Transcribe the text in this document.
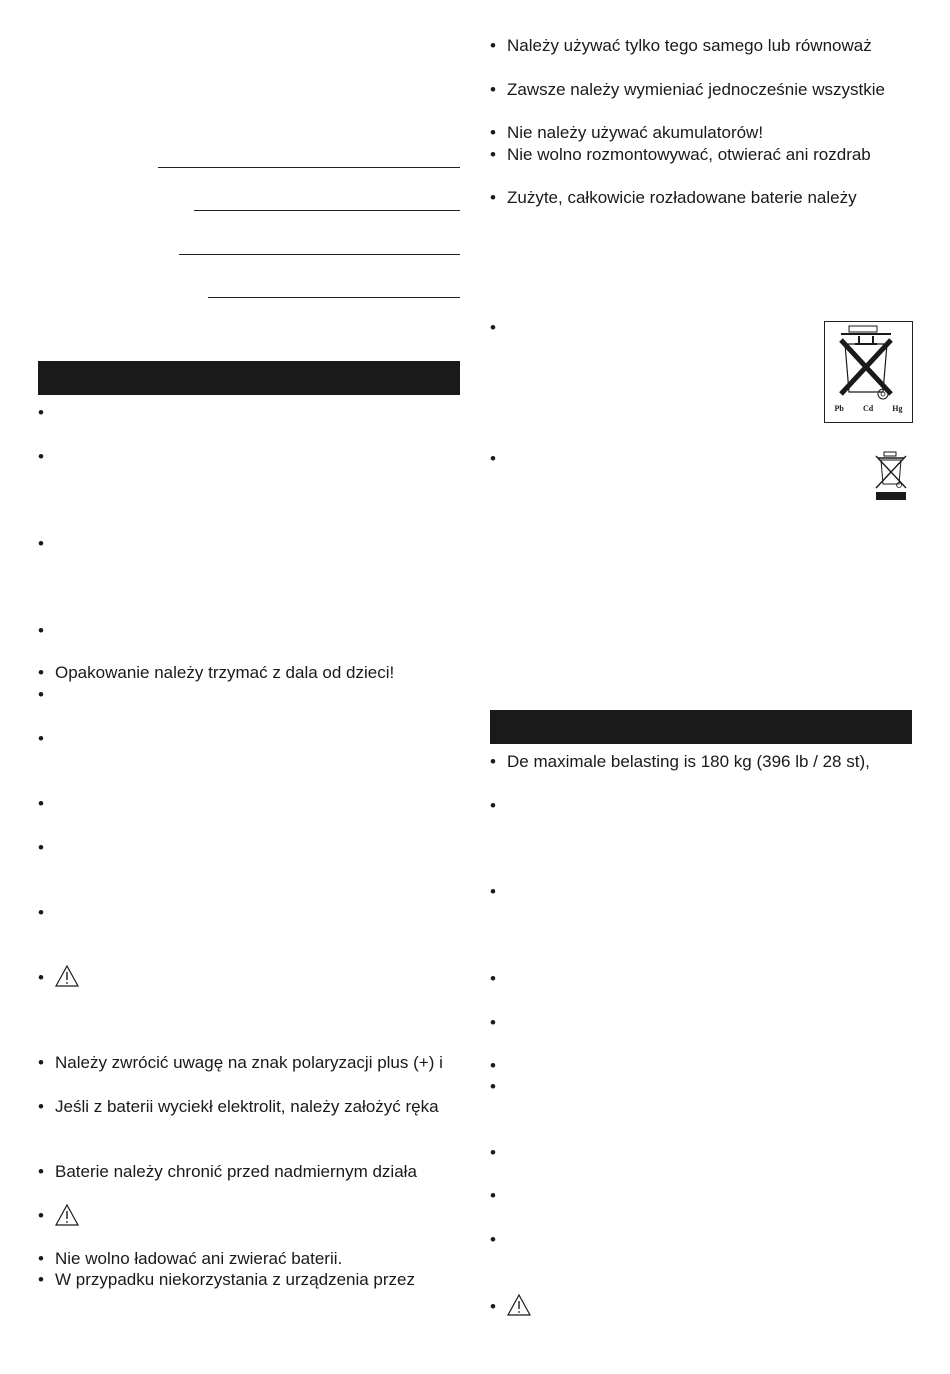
•
•
•
•
• Opakowanie należy trzymać z dala od dzieci!
•
•
•
•
•
•
• Należy zwrócić uwagę na znak polaryzacji plus (+) i
• Jeśli z baterii wyciekł elektrolit, należy założyć ręka
• Baterie należy chronić przed nadmiernym działa
•
• Nie wolno ładować ani zwierać baterii.
• W przypadku niekorzystania z urządzenia przez
• Należy używać tylko tego samego lub równoważ
• Zawsze należy wymieniać jednocześnie wszystkie
• Nie należy używać akumulatorów!
• Nie wolno rozmontowywać, otwierać ani rozdrab
• Zużyte, całkowicie rozładowane baterie należy
•
•
Pb Cd Hg
• De maximale belasting is 180 kg (396 lb / 28 st),
•
•
•
•
•
•
•
•
•
•
